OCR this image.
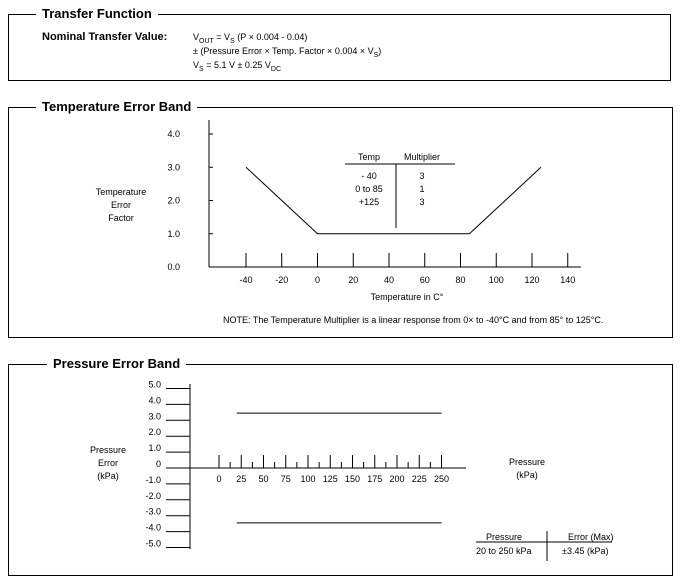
Transfer Function
Nominal Transfer Value:	$V_{OUT} = V_S$ (P × 0.004 - 0.04)
± (Pressure Error × Temp. Factor × $0.004 \times V_S$)
$V_S = 5.1$ V ± 0.25 $V_{DC}$
Temperature Error Band
Temperature
Error
Factor
0.0
1.0
2.0
3.0
4.0
-40	-20	0	20	40	60	80	100 120 140
Temp	Multiplier
- 40	3
0 to 85	1
+125	3
Temperature in C°
NOTE: The Temperature Multiplier is a linear response from 0× to -40°C and from 85° to 125°C.
Pressure Error Band
Pressure
Error
(kPa)
Pressure
(kPa)
5.0
4.0
3.0
2.0
1.0
0
-1.0
-2.0
-3.0
-4.0
-5.0
0 25 50 75 100 125 150 175 200 225 250
Pressure	Error (Max)
20 to 250 kPa	±3.45 (kPa)
